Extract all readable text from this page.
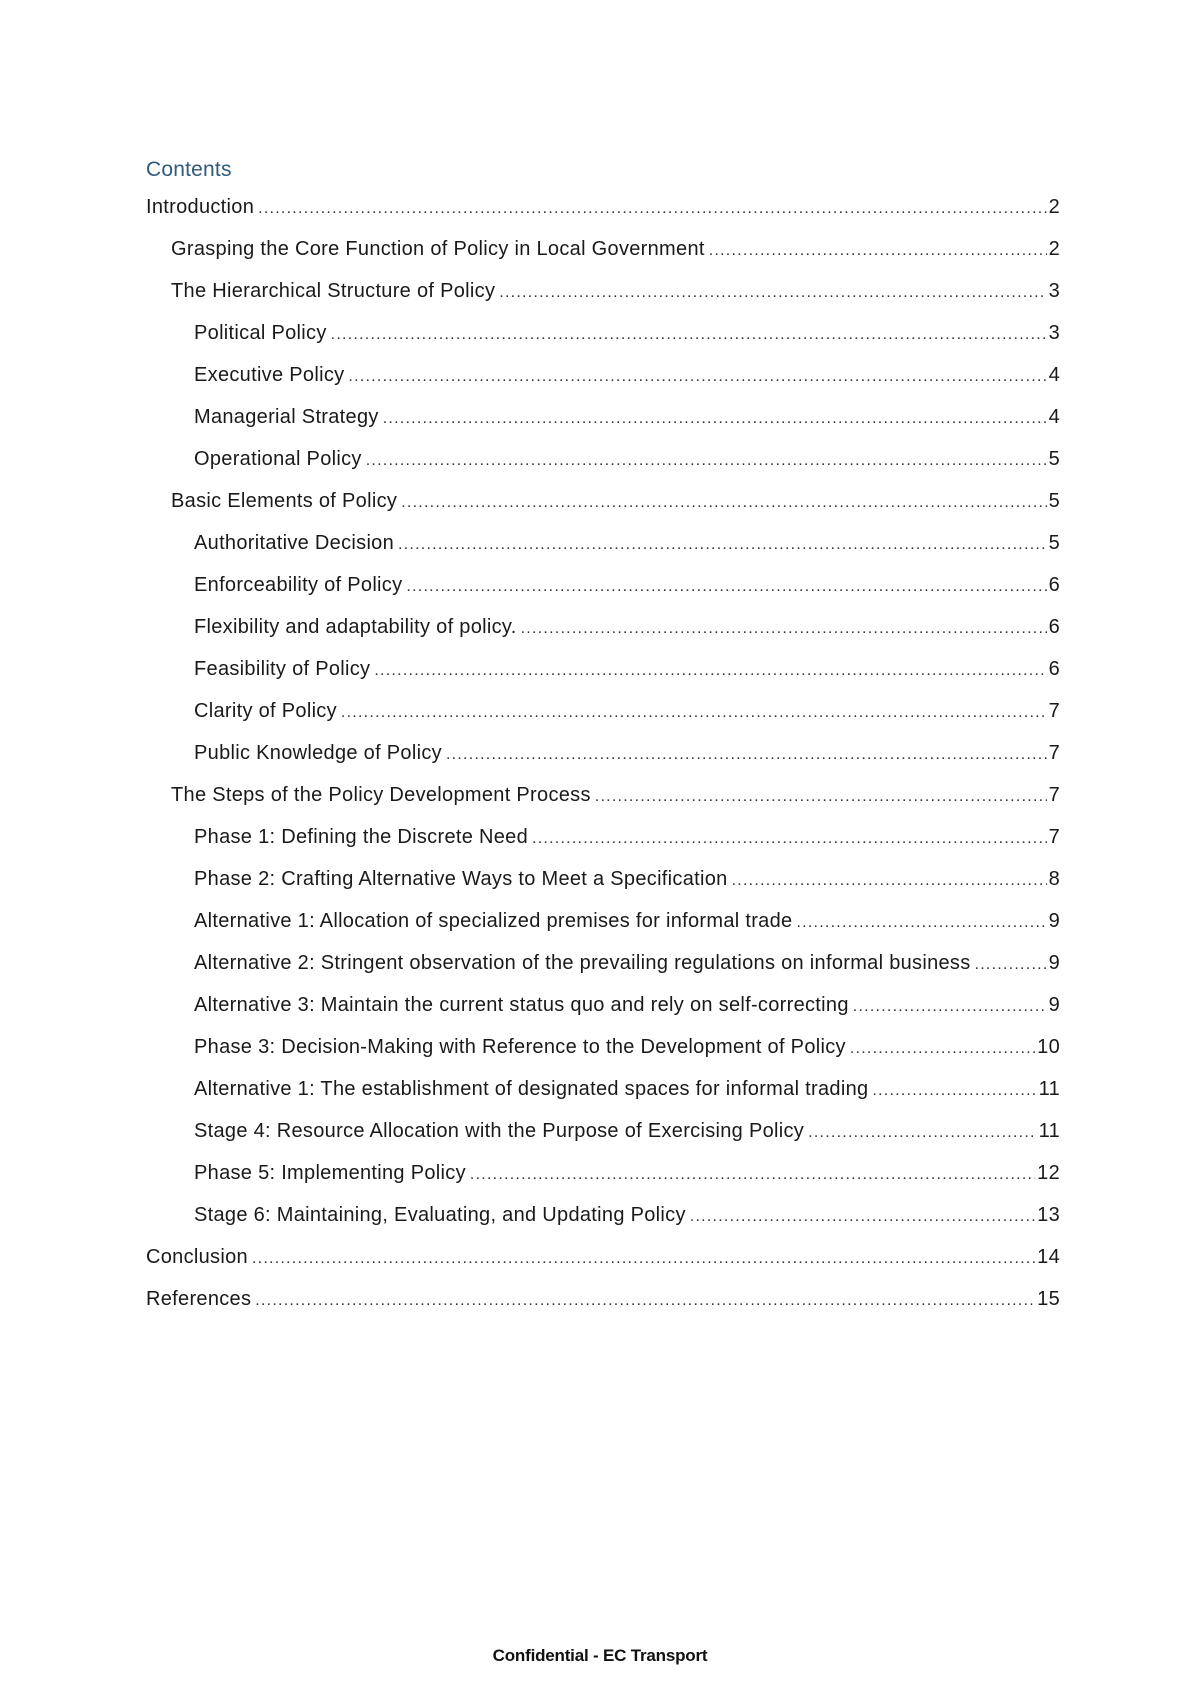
Contents
Introduction . . .	2
Grasping the Core Function of Policy in Local Government . . .	2
The Hierarchical Structure of Policy . . .	3
Political Policy . . .	3
Executive Policy . . .	4
Managerial Strategy . . .	4
Operational Policy . . .	5
Basic Elements of Policy . . .	5
Authoritative Decision . . .	5
Enforceability of Policy . . .	6
Flexibility and adaptability of policy. . . .	6
Feasibility of Policy . . .	6
Clarity of Policy . . .	7
Public Knowledge of Policy . . .	7
The Steps of the Policy Development Process . . .	7
Phase 1: Defining the Discrete Need . . .	7
Phase 2: Crafting Alternative Ways to Meet a Specification . . .	8
Alternative 1: Allocation of specialized premises for informal trade . . .	9
Alternative 2: Stringent observation of the prevailing regulations on informal business . . .	9
Alternative 3: Maintain the current status quo and rely on self-correcting . . .	9
Phase 3: Decision-Making with Reference to the Development of Policy . . .	10
Alternative 1: The establishment of designated spaces for informal trading . . .	11
Stage 4: Resource Allocation with the Purpose of Exercising Policy . . .	11
Phase 5: Implementing Policy . . .	12
Stage 6: Maintaining, Evaluating, and Updating Policy . . .	13
Conclusion . . .	14
References . . .	15
Confidential - EC Transport
